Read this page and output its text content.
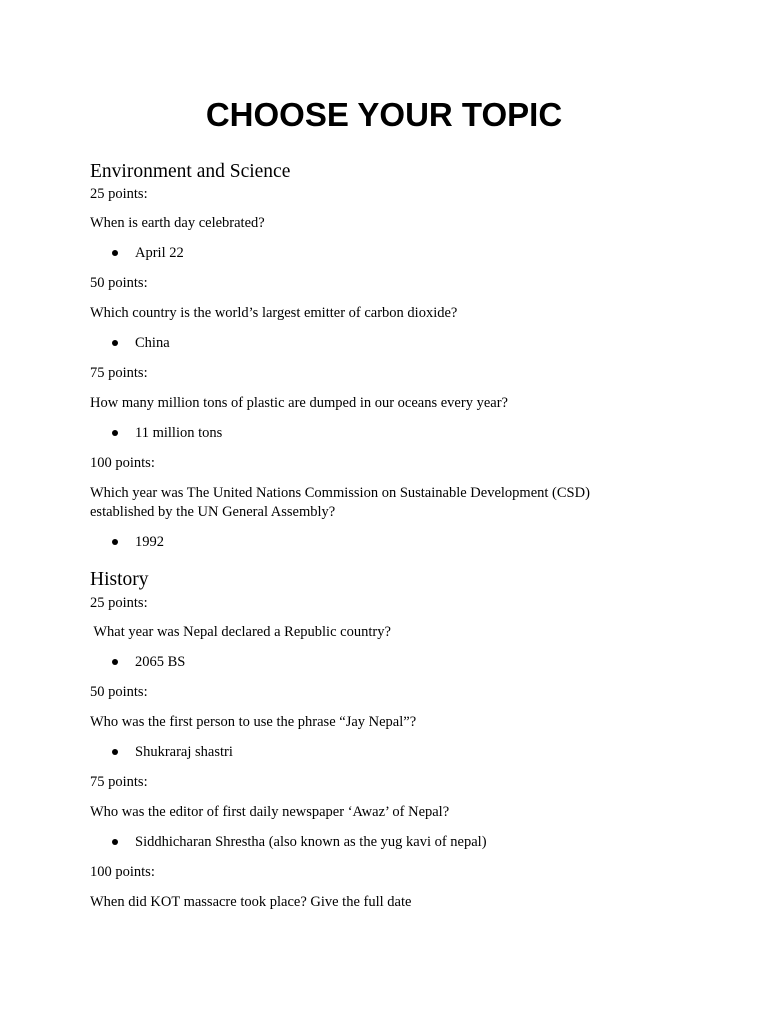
CHOOSE YOUR TOPIC
Environment and Science
25 points:
When is earth day celebrated?
April 22
50 points:
Which country is the world’s largest emitter of carbon dioxide?
China
75 points:
How many million tons of plastic are dumped in our oceans every year?
11 million tons
100 points:
Which year was The United Nations Commission on Sustainable Development (CSD)
established by the UN General Assembly?
1992
History
25 points:
What year was Nepal declared a Republic country?
2065 BS
50 points:
Who was the first person to use the phrase “Jay Nepal”?
Shukraraj shastri
75 points:
Who was the editor of first daily newspaper ‘Awaz’ of Nepal?
Siddhicharan Shrestha (also known as the yug kavi of nepal)
100 points:
When did KOT massacre took place? Give the full date
